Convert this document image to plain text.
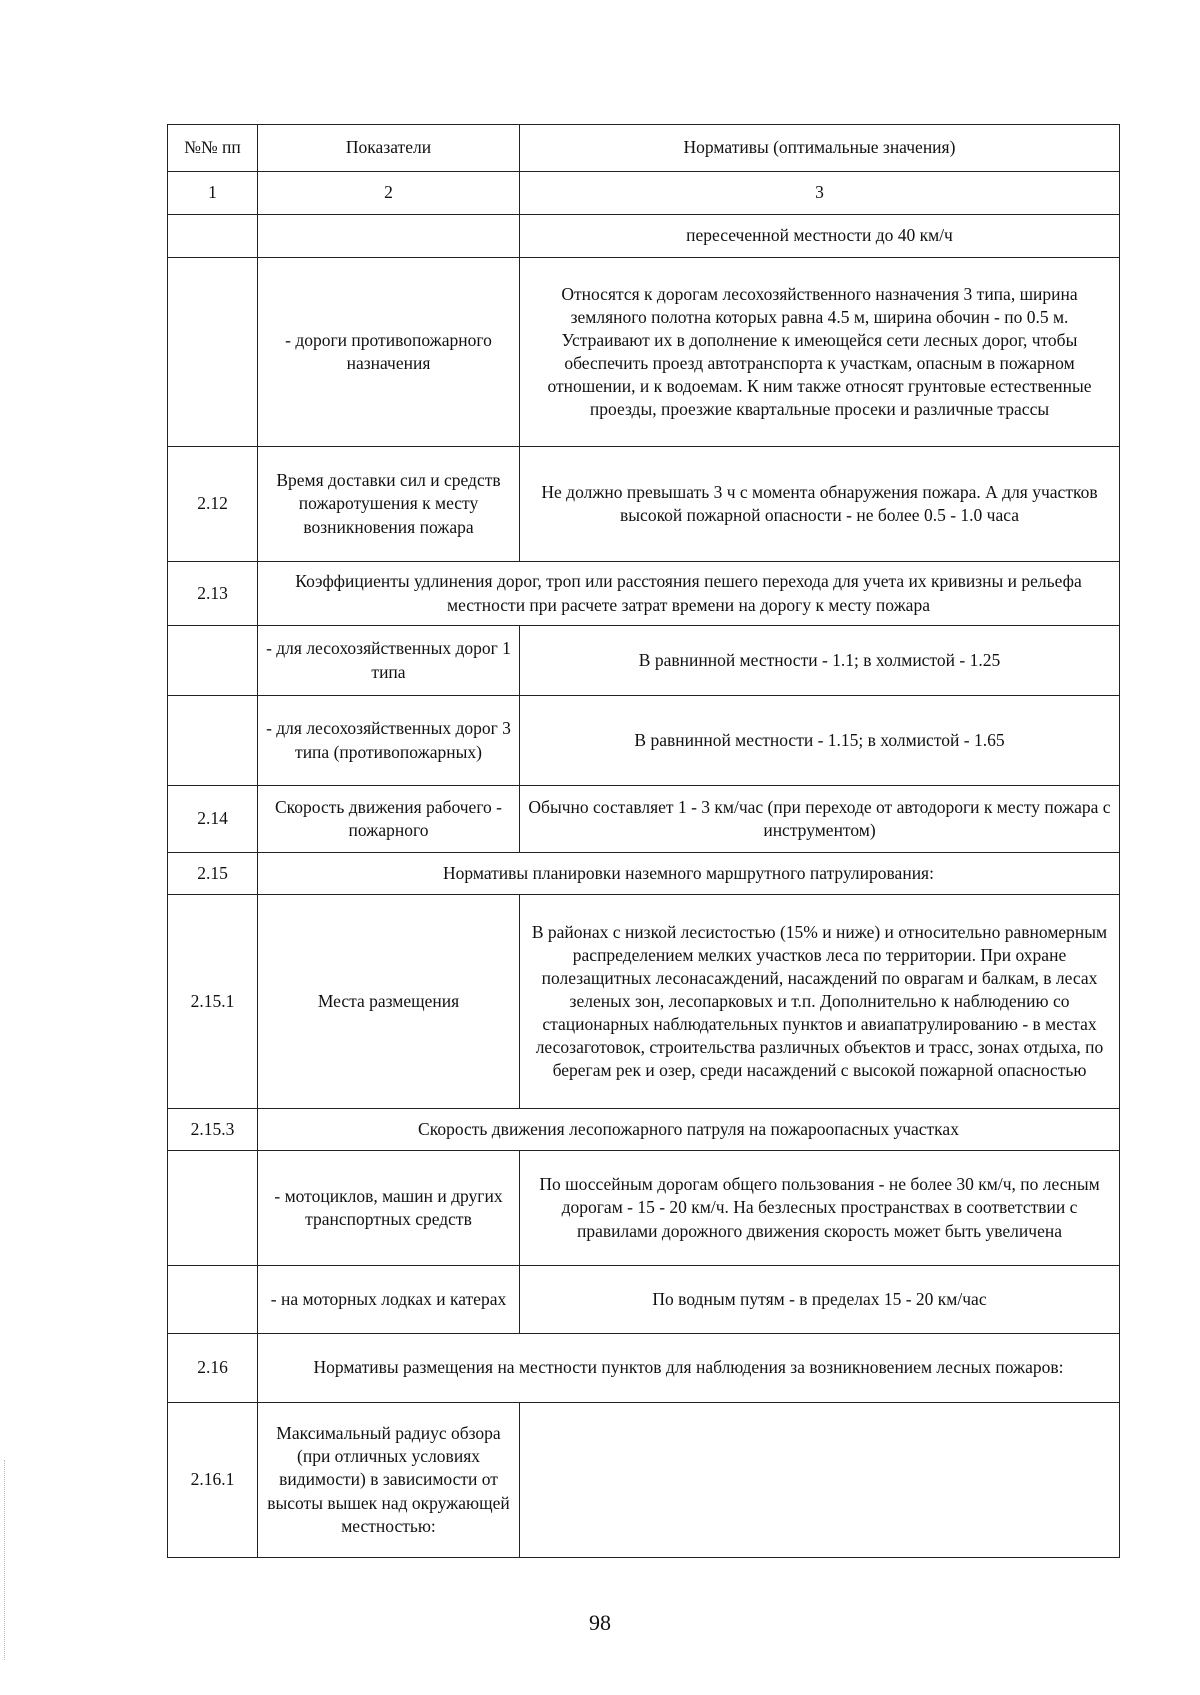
№№ пп	Показатели	Нормативы (оптимальные значения)
1	2	3
		пересеченной местности до 40 км/ч
	- дороги противопожарного назначения	Относятся к дорогам лесохозяйственного назначения 3 типа, ширина земляного полотна которых равна 4.5 м, ширина обочин - по 0.5 м. Устраивают их в дополнение к имеющейся сети лесных дорог, чтобы обеспечить проезд автотранспорта к участкам, опасным в пожарном отношении, и к водоемам. К ним также относят грунтовые естественные проезды, проезжие квартальные просеки и различные трассы
2.12	Время доставки сил и средств пожаротушения к месту возникновения пожара	Не должно превышать 3 ч с момента обнаружения пожара. А для участков высокой пожарной опасности - не более 0.5 - 1.0 часа
2.13	Коэффициенты удлинения дорог, троп или расстояния пешего перехода для учета их кривизны и рельефа местности при расчете затрат времени на дорогу к месту пожара	
	- для лесохозяйственных дорог 1 типа	В равнинной местности - 1.1; в холмистой - 1.25
	- для лесохозяйственных дорог 3 типа (противопожарных)	В равнинной местности - 1.15; в холмистой - 1.65
2.14	Скорость движения рабочего - пожарного	Обычно составляет 1 - 3 км/час (при переходе от автодороги к месту пожара с инструментом)
2.15	Нормативы планировки наземного маршрутного патрулирования:	
2.15.1	Места размещения	В районах с низкой лесистостью (15% и ниже) и относительно равномерным распределением мелких участков леса по территории. При охране полезащитных лесонасаждений, насаждений по оврагам и балкам, в лесах зеленых зон, лесопарковых и т.п. Дополнительно к наблюдению со стационарных наблюдательных пунктов и авиапатрулированию - в местах лесозаготовок, строительства различных объектов и трасс, зонах отдыха, по берегам рек и озер, среди насаждений с высокой пожарной опасностью
2.15.3	Скорость движения лесопожарного патруля на пожароопасных участках	
	- мотоциклов, машин и других транспортных средств	По шоссейным дорогам общего пользования - не более 30 км/ч, по лесным дорогам - 15 - 20 км/ч. На безлесных пространствах в соответствии с правилами дорожного движения скорость может быть увеличена
	- на моторных лодках и катерах	По водным путям - в пределах 15 - 20 км/час
2.16	Нормативы размещения на местности пунктов для наблюдения за возникновением лесных пожаров:	
2.16.1	Максимальный радиус обзора (при отличных условиях видимости) в зависимости от высоты вышек над окружающей местностью:	
98
